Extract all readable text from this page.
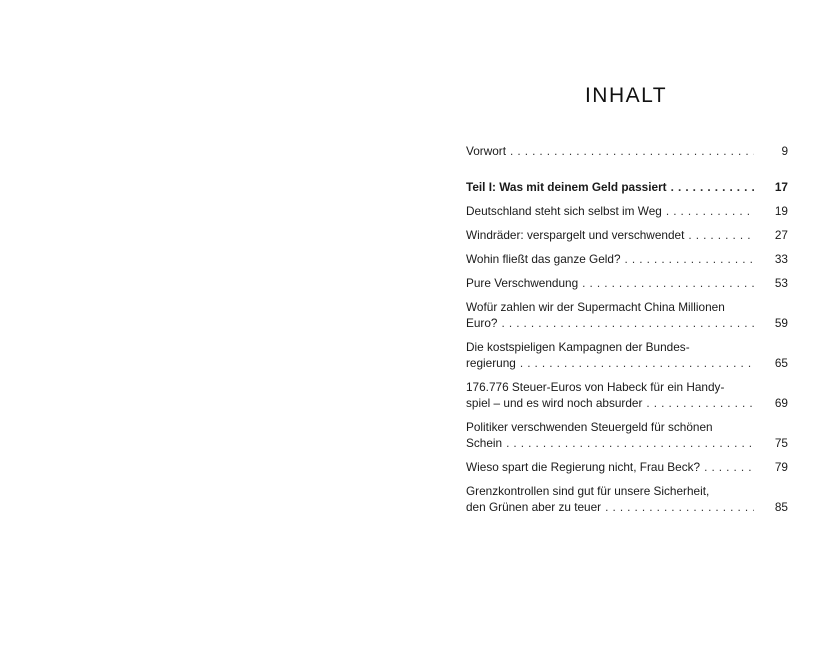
INHALT
Vorwort . . .	9
Teil I: Was mit deinem Geld passiert . . .	17
Deutschland steht sich selbst im Weg . . .	19
Windräder: verspargelt und verschwendet . . .	27
Wohin fließt das ganze Geld? . . .	33
Pure Verschwendung . . .	53
Wofür zahlen wir der Supermacht China Millionen
Euro? . . .	59
Die kostspieligen Kampagnen der Bundes-
regierung . . .	65
176.776 Steuer-Euros von Habeck für ein Handy-
spiel – und es wird noch absurder . . .	69
Politiker verschwenden Steuergeld für schönen
Schein . . .	75
Wieso spart die Regierung nicht, Frau Beck? . . .	79
Grenzkontrollen sind gut für unsere Sicherheit,
den Grünen aber zu teuer . . .	85
